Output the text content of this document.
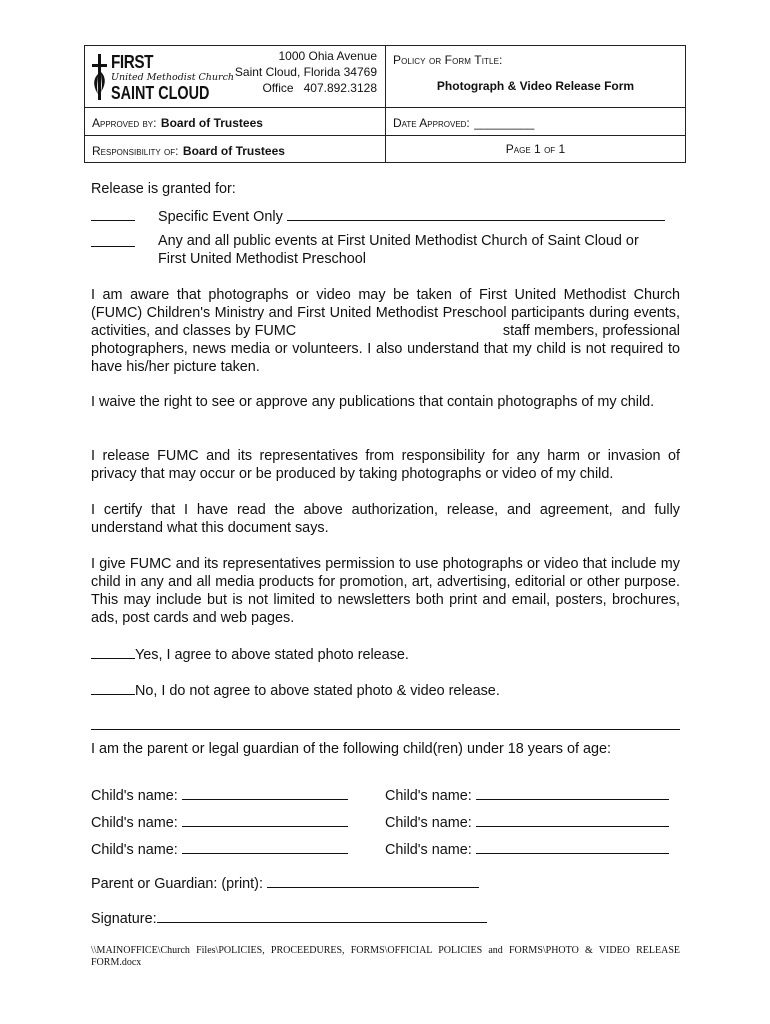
FIRST
United Methodist Church
SAINT CLOUD
1000 Ohia Avenue
Saint Cloud, Florida 34769
Office 407.892.3128
Policy or Form Title:
Photograph & Video Release Form
Approved by: Board of Trustees	Date Approved: _________
Responsibility of: Board of Trustees	Page 1 of 1
Release is granted for:
Specific Event Only
Any and all public events at First United Methodist Church of Saint Cloud or First United Methodist Preschool
I am aware that photographs or video may be taken of First United Methodist Church (FUMC) Children's Ministry and First United Methodist Preschool participants during events, activities, and classes by FUMC	staff members, professional photographers, news media or volunteers. I also understand that my child is not required to have his/her picture taken.
I waive the right to see or approve any publications that contain photographs of my child.
I release FUMC and its representatives from responsibility for any harm or invasion of privacy that may occur or be produced by taking photographs or video of my child.
I certify that I have read the above authorization, release, and agreement, and fully understand what this document says.
I give FUMC and its representatives permission to use photographs or video that include my child in any and all media products for promotion, art, advertising, editorial or other purpose. This may include but is not limited to newsletters both print and email, posters, brochures, ads, post cards and web pages.
Yes, I agree to above stated photo release.
No, I do not agree to above stated photo & video release.
I am the parent or legal guardian of the following child(ren) under 18 years of age:
Child's name:	Child's name:
Child's name:	Child's name:
Child's name:	Child's name:
Parent or Guardian: (print):
Signature:
\\MAINOFFICE\Church Files\POLICIES, PROCEEDURES, FORMS\OFFICIAL POLICIES and FORMS\PHOTO & VIDEO RELEASE FORM.docx
